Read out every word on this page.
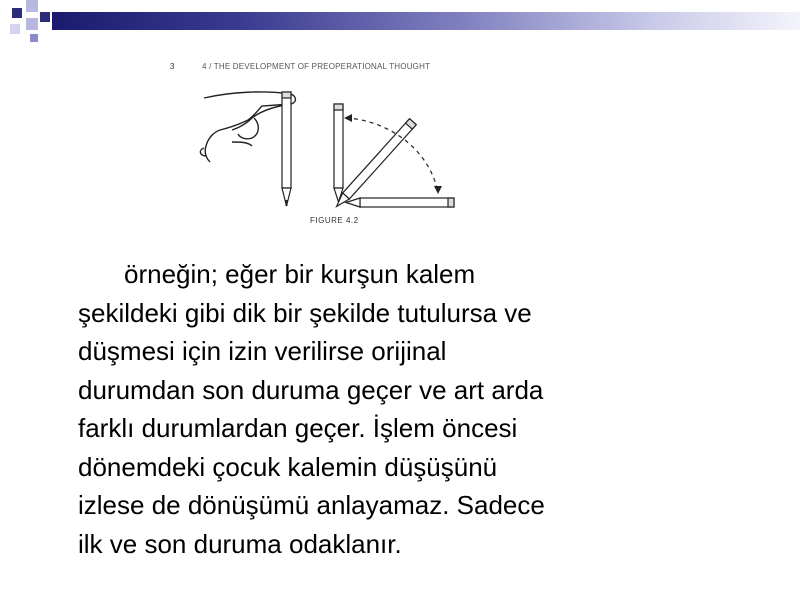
3	4 / THE DEVELOPMENT OF PREOPERATIONAL THOUGHT
FIGURE 4.2
örneğin; eğer bir kurşun kalem
şekildeki gibi dik bir şekilde tutulursa ve
düşmesi için izin verilirse orijinal
durumdan son duruma geçer ve art arda
farklı durumlardan geçer. İşlem öncesi
dönemdeki çocuk kalemin düşüşünü
izlese de dönüşümü anlayamaz. Sadece
ilk ve son duruma odaklanır.
